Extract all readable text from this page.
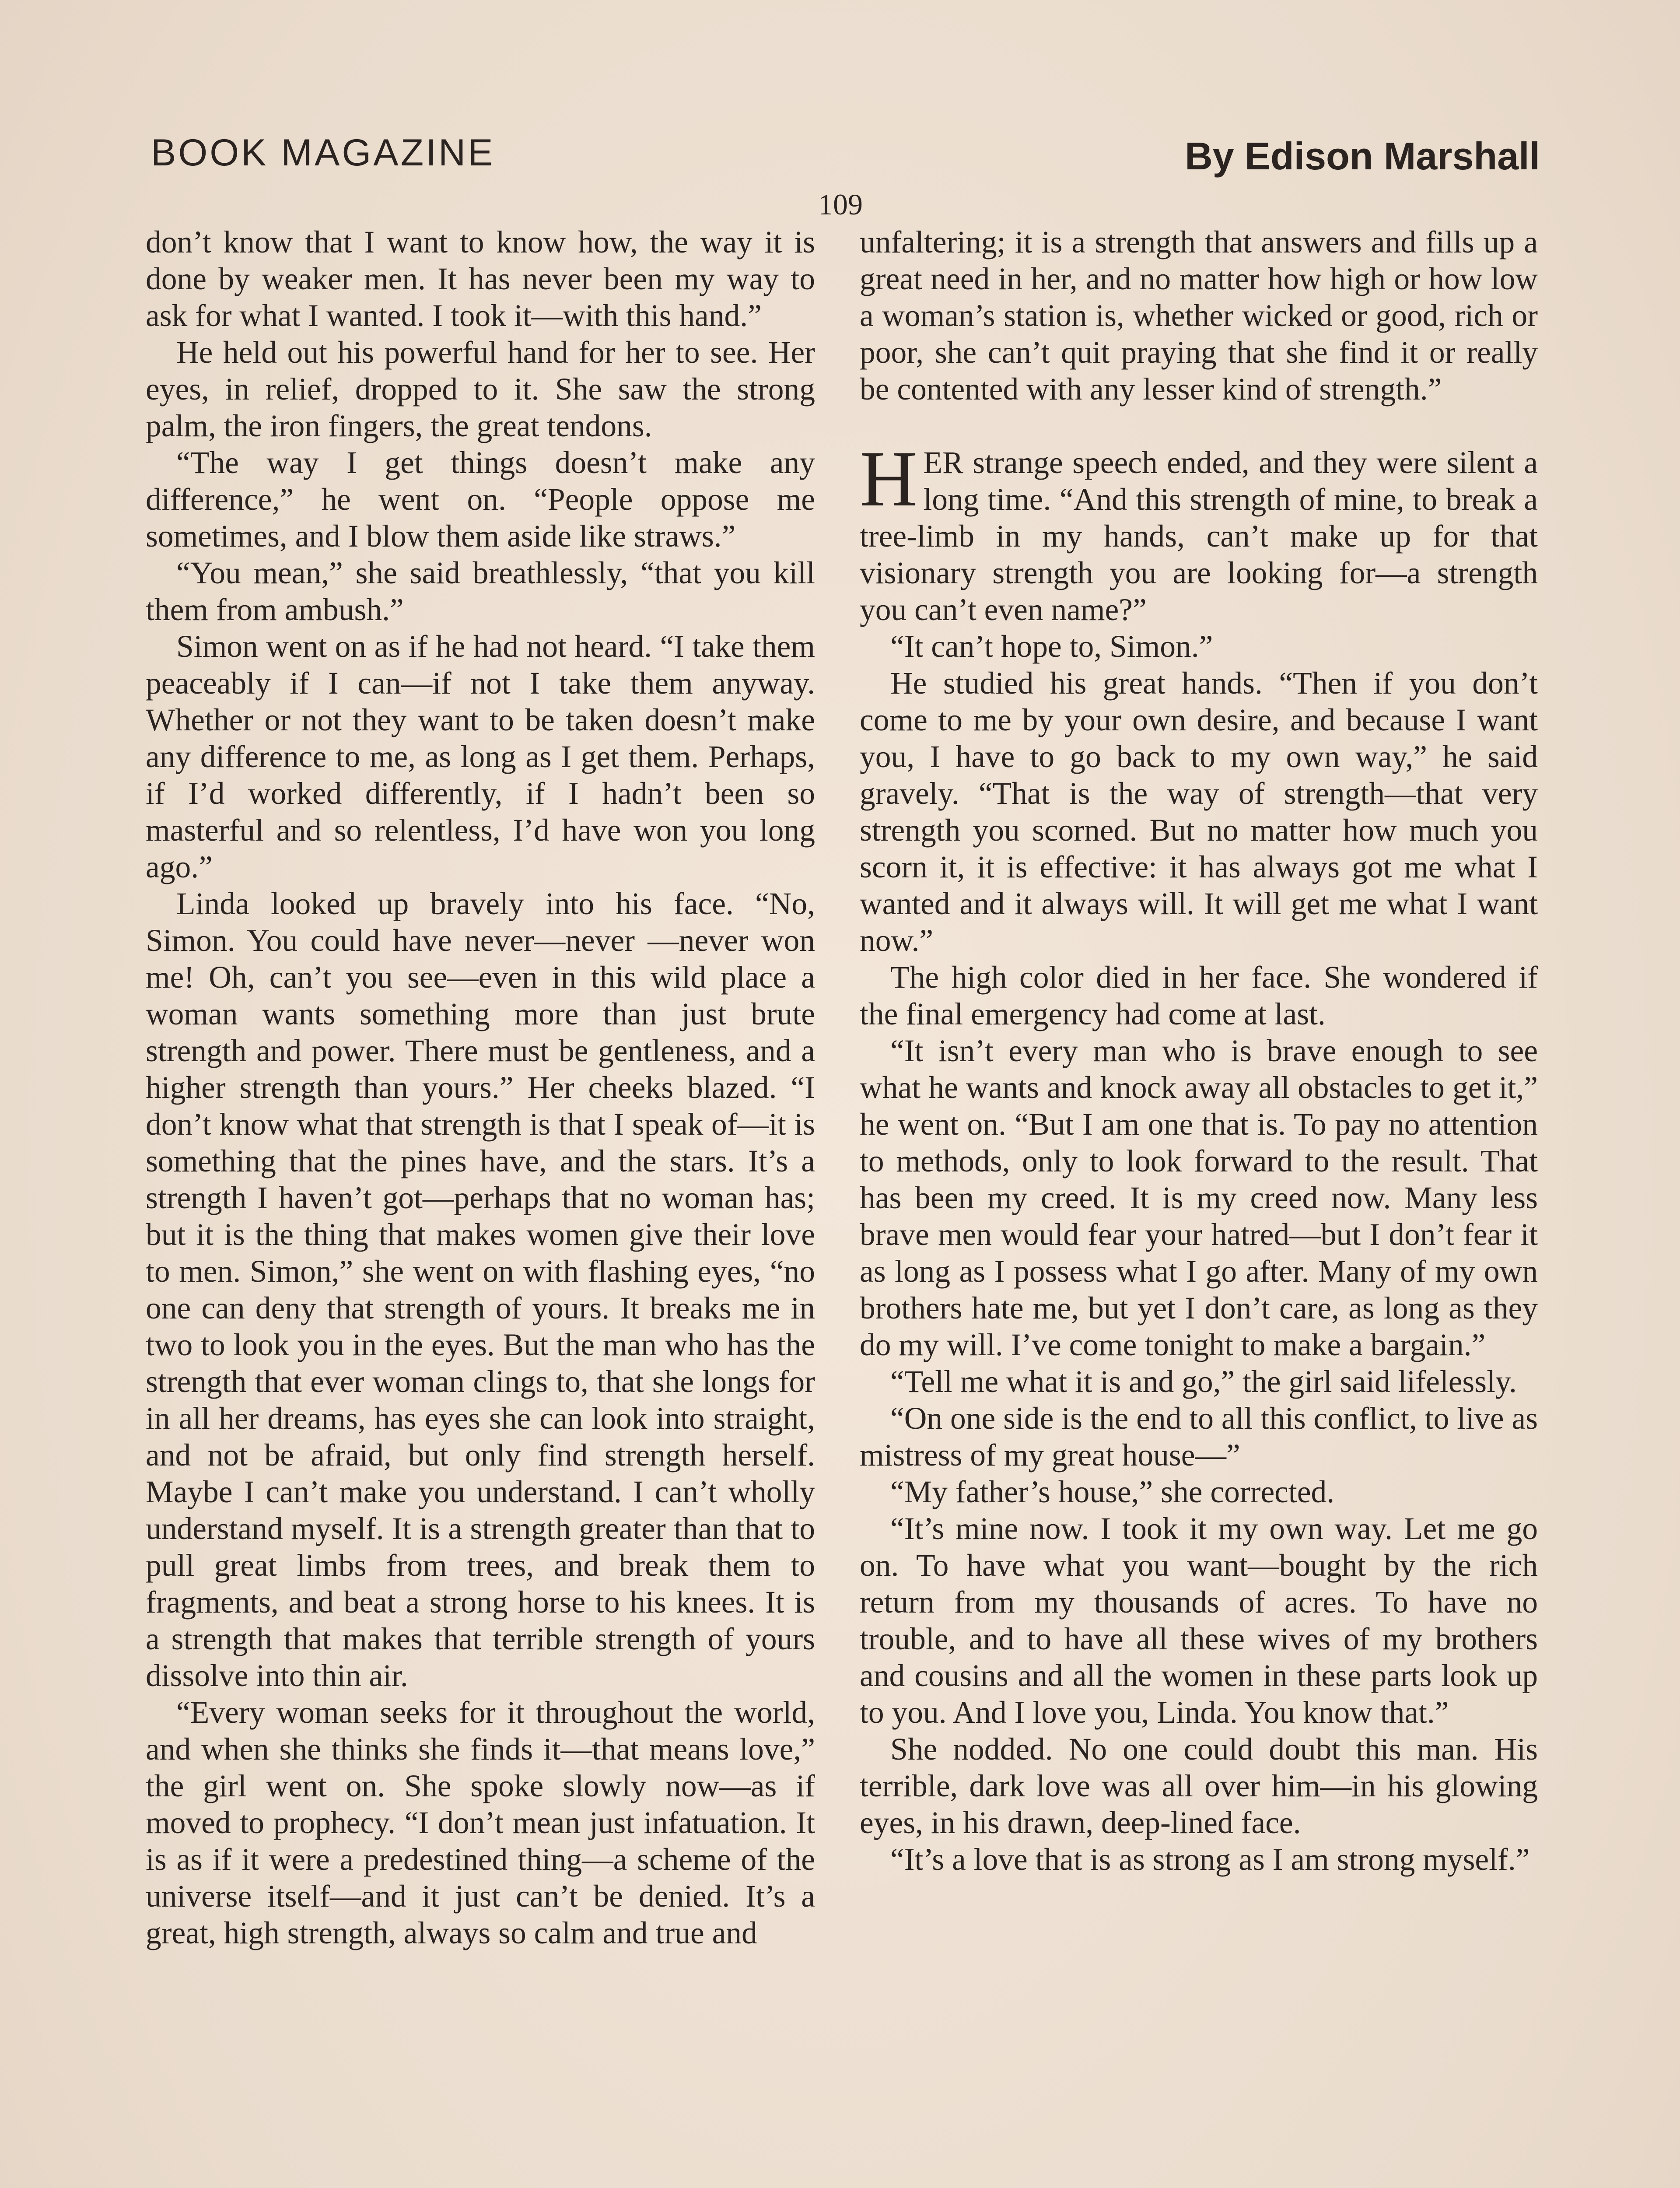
BOOK MAGAZINE	By Edison Marshall
109

don’t know that I want to know how, the way it is done by weaker men. It has never been my way to ask for what I wanted. I took it—with this hand.”

He held out his powerful hand for her to see. Her eyes, in relief, dropped to it. She saw the strong palm, the iron fingers, the great tendons.

“The way I get things doesn’t make any difference,” he went on. “People oppose me sometimes, and I blow them aside like straws.”

“You mean,” she said breathlessly, “that you kill them from ambush.”

Simon went on as if he had not heard. “I take them peaceably if I can—if not I take them anyway. Whether or not they want to be taken doesn’t make any difference to me, as long as I get them. Perhaps, if I’d worked differently, if I hadn’t been so masterful and so relentless, I’d have won you long ago.”

Linda looked up bravely into his face. “No, Simon. You could have never—never —never won me! Oh, can’t you see—even in this wild place a woman wants something more than just brute strength and power. There must be gentleness, and a higher strength than yours.” Her cheeks blazed. “I don’t know what that strength is that I speak of—it is something that the pines have, and the stars. It’s a strength I haven’t got—perhaps that no woman has; but it is the thing that makes women give their love to men. Simon,” she went on with flashing eyes, “no one can deny that strength of yours. It breaks me in two to look you in the eyes. But the man who has the strength that ever woman clings to, that she longs for in all her dreams, has eyes she can look into straight, and not be afraid, but only find strength herself. Maybe I can’t make you understand. I can’t wholly understand myself. It is a strength greater than that to pull great limbs from trees, and break them to fragments, and beat a strong horse to his knees. It is a strength that makes that terrible strength of yours dissolve into thin air.

“Every woman seeks for it throughout the world, and when she thinks she finds it—that means love,” the girl went on. She spoke slowly now—as if moved to prophecy. “I don’t mean just infatuation. It is as if it were a predestined thing—a scheme of the universe itself—and it just can’t be denied. It’s a great, high strength, always so calm and true and

unfaltering; it is a strength that answers and fills up a great need in her, and no matter how high or how low a woman’s station is, whether wicked or good, rich or poor, she can’t quit praying that she find it or really be contented with any lesser kind of strength.”

HER strange speech ended, and they were silent a long time. “And this strength of mine, to break a tree-limb in my hands, can’t make up for that visionary strength you are looking for—a strength you can’t even name?”

“It can’t hope to, Simon.”

He studied his great hands. “Then if you don’t come to me by your own desire, and because I want you, I have to go back to my own way,” he said gravely. “That is the way of strength—that very strength you scorned. But no matter how much you scorn it, it is effective: it has always got me what I wanted and it always will. It will get me what I want now.”

The high color died in her face. She wondered if the final emergency had come at last.

“It isn’t every man who is brave enough to see what he wants and knock away all obstacles to get it,” he went on. “But I am one that is. To pay no attention to methods, only to look forward to the result. That has been my creed. It is my creed now. Many less brave men would fear your hatred—but I don’t fear it as long as I possess what I go after. Many of my own brothers hate me, but yet I don’t care, as long as they do my will. I’ve come tonight to make a bargain.”

“Tell me what it is and go,” the girl said lifelessly.

“On one side is the end to all this conflict, to live as mistress of my great house—”

“My father’s house,” she corrected.

“It’s mine now. I took it my own way. Let me go on. To have what you want—bought by the rich return from my thousands of acres. To have no trouble, and to have all these wives of my brothers and cousins and all the women in these parts look up to you. And I love you, Linda. You know that.”

She nodded. No one could doubt this man. His terrible, dark love was all over him—in his glowing eyes, in his drawn, deep-lined face.

“It’s a love that is as strong as I am strong myself.”
